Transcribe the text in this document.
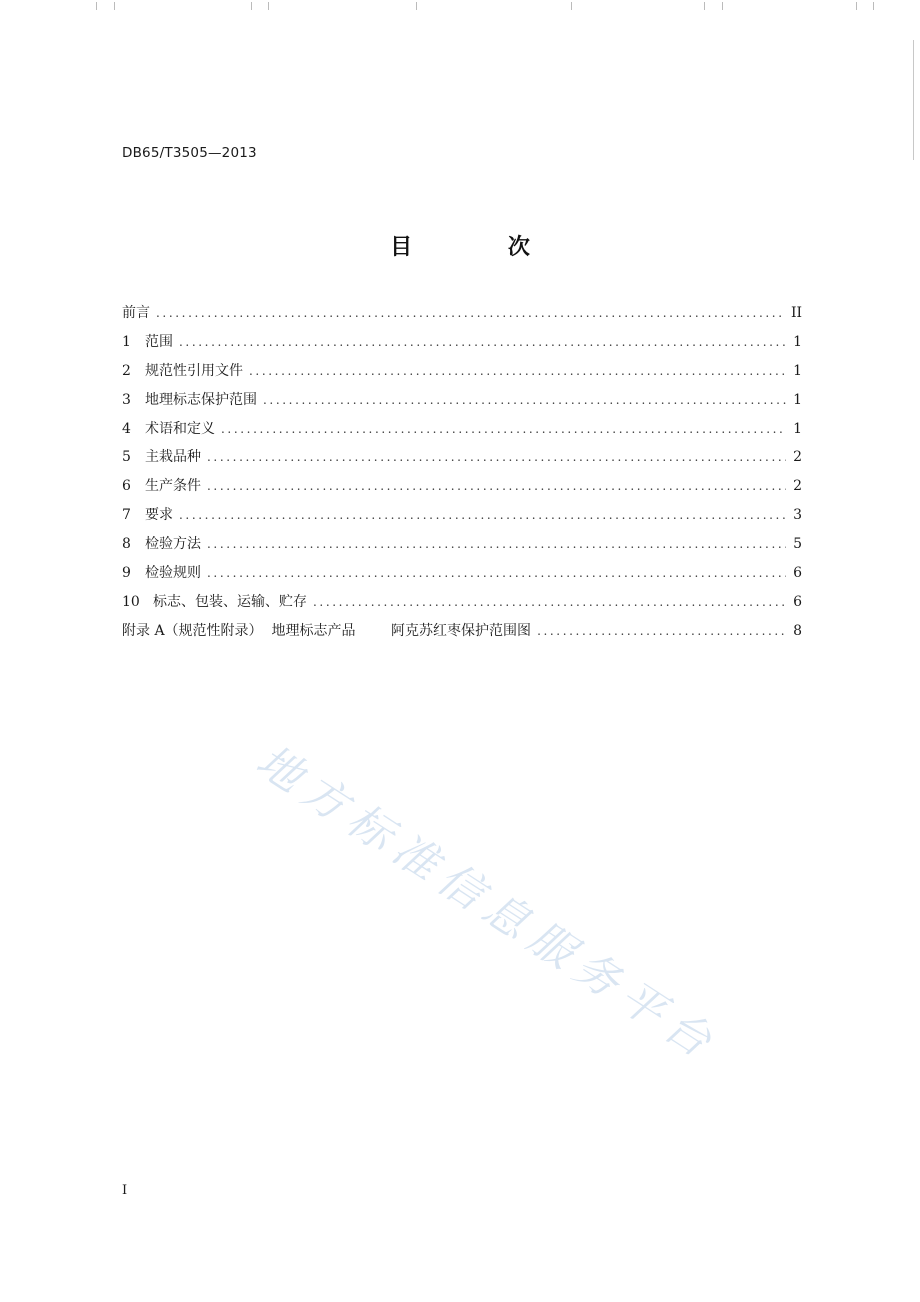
DB65/T3505—2013
目 次
前言 .....	II
1	范围 .....	1
2	规范性引用文件 .....	1
3	地理标志保护范围 .....	1
4	术语和定义 .....	1
5	主栽品种 .....	2
6	生产条件 .....	2
7	要求 .....	3
8	检验方法 .....	5
9	检验规则 .....	6
10 标志、包装、运输、贮存 .....	6
附录 A（规范性附录）  地理标志产品        阿克苏红枣保护范围图 .....	8
地方标准信息服务平台
I
